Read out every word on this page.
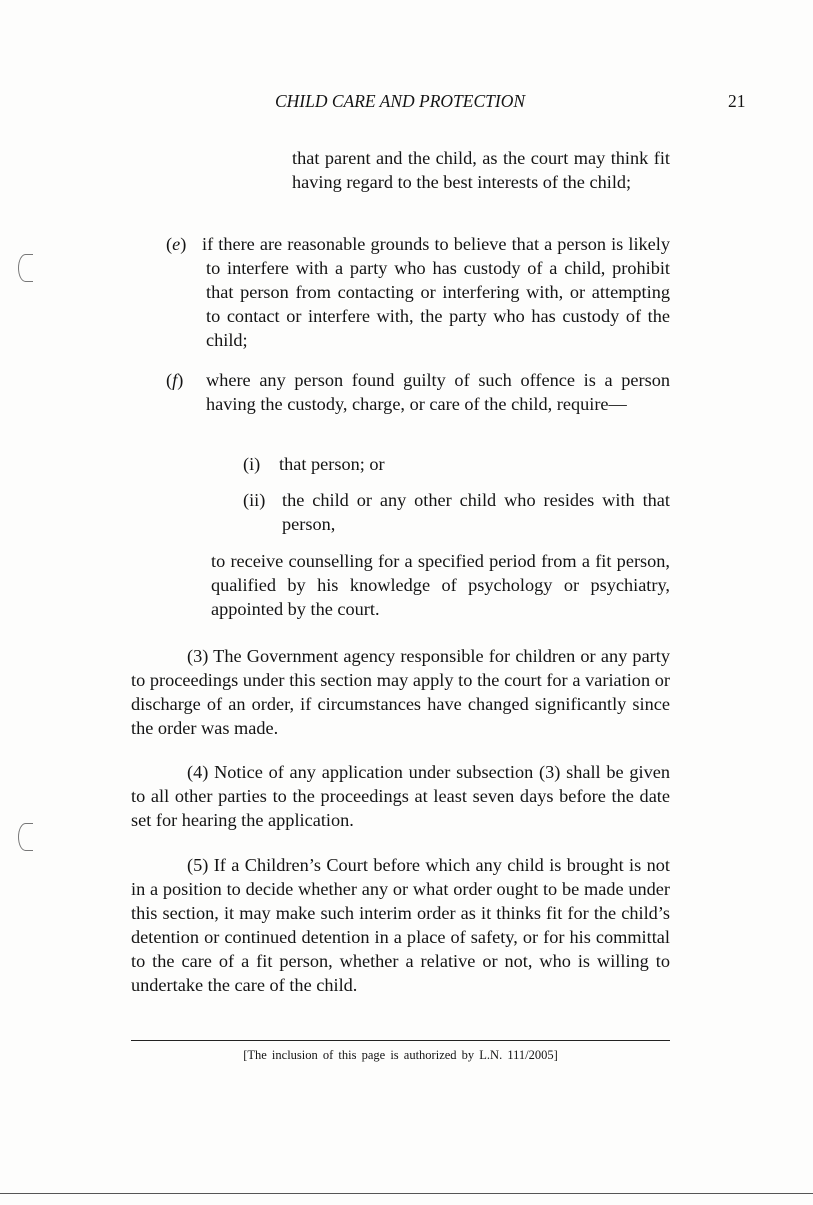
CHILD CARE AND PROTECTION	21
that parent and the child, as the court may think fit having regard to the best interests of the child;
(e) if there are reasonable grounds to believe that a person is likely to interfere with a party who has custody of a child, prohibit that person from contacting or interfering with, or attempting to contact or interfere with, the party who has custody of the child;
(f) where any person found guilty of such offence is a person having the custody, charge, or care of the child, require—
(i) that person; or
(ii) the child or any other child who resides with that person,
to receive counselling for a specified period from a fit person, qualified by his knowledge of psychology or psychiatry, appointed by the court.
(3) The Government agency responsible for children or any party to proceedings under this section may apply to the court for a variation or discharge of an order, if circumstances have changed significantly since the order was made.
(4) Notice of any application under subsection (3) shall be given to all other parties to the proceedings at least seven days before the date set for hearing the application.
(5) If a Children’s Court before which any child is brought is not in a position to decide whether any or what order ought to be made under this section, it may make such interim order as it thinks fit for the child’s detention or continued detention in a place of safety, or for his committal to the care of a fit person, whether a relative or not, who is willing to undertake the care of the child.
[The inclusion of this page is authorized by L.N. 111/2005]
